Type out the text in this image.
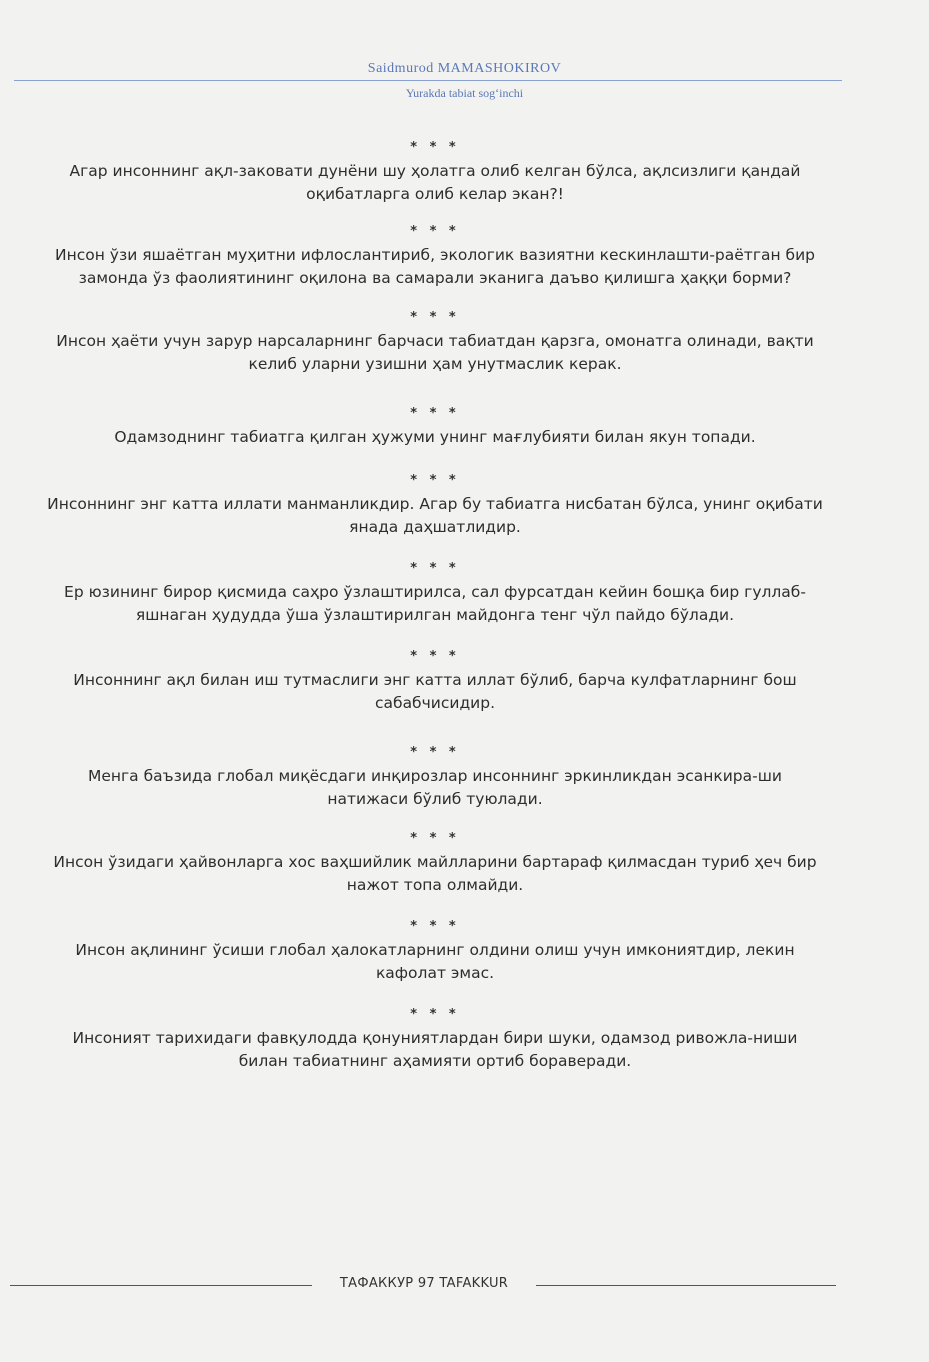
Saidmurod MAMASHOKIROV
Yurakda tabiat sog‘inchi
* * *
Агар инсоннинг ақл-заковати дунёни шу ҳолатга олиб келган бўлса, ақлсизлиги қандай оқибатларга олиб келар экан?!
* * *
Инсон ўзи яшаётган муҳитни ифлослантириб, экологик вазиятни кескинлашти-раётган бир замонда ўз фаолиятининг оқилона ва самарали эканига даъво қилишга ҳаққи борми?
* * *
Инсон ҳаёти учун зарур нарсаларнинг барчаси табиатдан қарзга, омонатга олинади, вақти келиб уларни узишни ҳам унутмаслик керак.
* * *
Одамзоднинг табиатга қилган ҳужуми унинг мағлубияти билан якун топади.
* * *
Инсоннинг энг катта иллати манманликдир. Агар бу табиатга нисбатан бўлса, унинг оқибати янада даҳшатлидир.
* * *
Ер юзининг бирор қисмида саҳро ўзлаштирилса, сал фурсатдан кейин бошқа бир гуллаб-яшнаган ҳудудда ўша ўзлаштирилган майдонга тенг чўл пайдо бўлади.
* * *
Инсоннинг ақл билан иш тутмаслиги энг катта иллат бўлиб, барча кулфатларнинг бош сабабчисидир.
* * *
Менга баъзида глобал миқёсдаги инқирозлар инсоннинг эркинликдан эсанкира-ши натижаси бўлиб туюлади.
* * *
Инсон ўзидаги ҳайвонларга хос ваҳшийлик майлларини бартараф қилмасдан туриб ҳеч бир нажот топа олмайди.
* * *
Инсон ақлининг ўсиши глобал ҳалокатларнинг олдини олиш учун имкониятдир, лекин кафолат эмас.
* * *
Инсоният тарихидаги фавқулодда қонуниятлардан бири шуки, одамзод ривожла-ниши билан табиатнинг аҳамияти ортиб бораверади.
ТАФАККУР 97 TAFAKKUR
